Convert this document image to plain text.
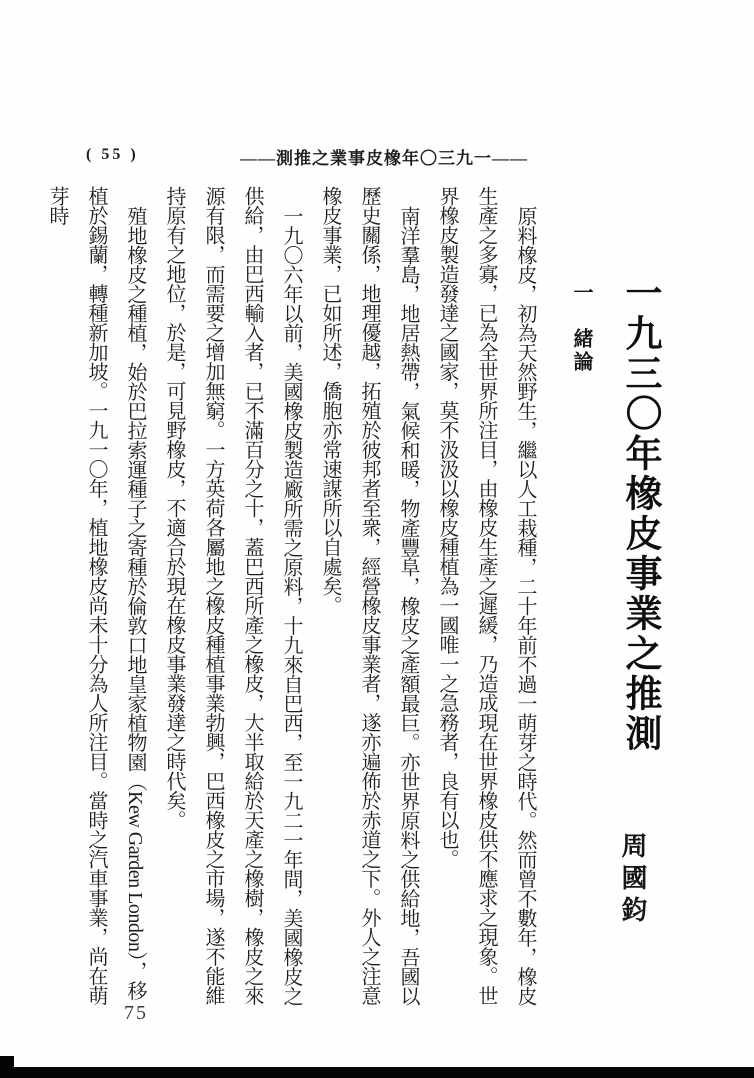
( 55 )	——測推之業事皮橡年〇三九一——
一九三〇年橡皮事業之推測
周國鈞
一　緒論

原料橡皮，初為天然野生，繼以人工栽種，二十年前不過一萌芽之時代。然而曾不數年，橡皮生產之多寡，已為全世界所注目，由橡皮生產之遲緩，乃造成現在世界橡皮供不應求之現象。世界橡皮製造發達之國家，莫不汲汲以橡皮種植為一國唯一之急務者，良有以也。

南洋羣島，地居熱帶，氣候和暖，物產豐阜，橡皮之產額最巨。亦世界原料之供給地，吾國以歷史關係，地理優越，拓殖於彼邦者至衆，經營橡皮事業者，遂亦遍佈於赤道之下。外人之注意橡皮事業，已如所述，僑胞亦常速謀所以自處矣。

一九〇六年以前，美國橡皮製造廠所需之原料，十九來自巴西，至一九二一年間，美國橡皮之供給，由巴西輸入者，已不滿百分之十，蓋巴西所產之橡皮，大半取給於天產之橡樹，橡皮之來源有限，而需要之增加無窮。一方英荷各屬地之橡皮種植事業勃興，巴西橡皮之市場，遂不能維持原有之地位，於是，可見野橡皮，不適合於現在橡皮事業發達之時代矣。

殖地橡皮之種植，始於巴拉索運種子之寄種於倫敦口地皇家植物園（Kew Garden London），移植於錫蘭，轉種新加坡。一九一〇年，植地橡皮尚未十分為人所注目。當時之汽車事業，尚在萌芽時

75
